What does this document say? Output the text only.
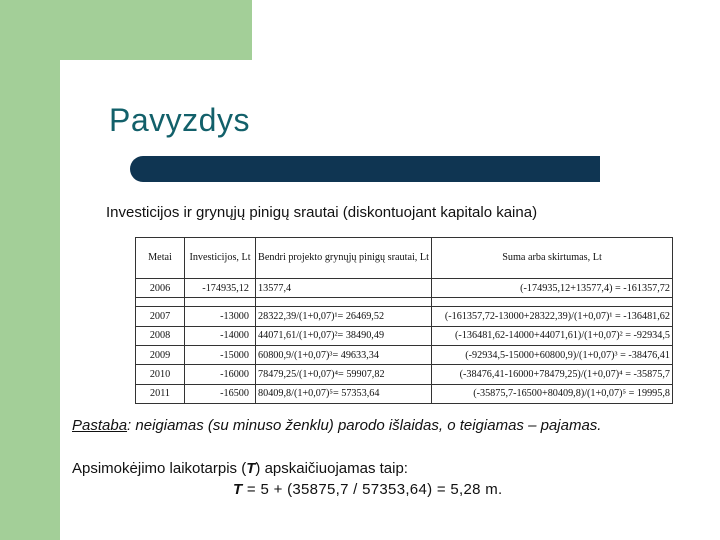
Pavyzdys
Investicijos ir grynųjų pinigų srautai (diskontuojant kapitalo kaina)
Metai	Investicijos, Lt	Bendri projekto grynųjų pinigų srautai, Lt	Suma arba skirtumas, Lt
2006	-174935,12	13577,4	(-174935,12+13577,4) = -161357,72

2007	-13000	28322,39/(1+0,07)¹= 26469,52	(-161357,72-13000+28322,39)/(1+0,07)¹ = -136481,62
2008	-14000	44071,61/(1+0,07)²= 38490,49	(-136481,62-14000+44071,61)/(1+0,07)² = -92934,5
2009	-15000	60800,9/(1+0,07)³= 49633,34	(-92934,5-15000+60800,9)/(1+0,07)³ = -38476,41
2010	-16000	78479,25/(1+0,07)⁴= 59907,82	(-38476,41-16000+78479,25)/(1+0,07)⁴ = -35875,7
2011	-16500	80409,8/(1+0,07)⁵= 57353,64	(-35875,7-16500+80409,8)/(1+0,07)⁵ = 19995,8
Pastaba: neigiamas (su minuso ženklu) parodo išlaidas, o teigiamas – pajamas.
Apsimokėjimo laikotarpis (T) apskaičiuojamas taip:
T = 5 + (35875,7 / 57353,64) = 5,28 m.
